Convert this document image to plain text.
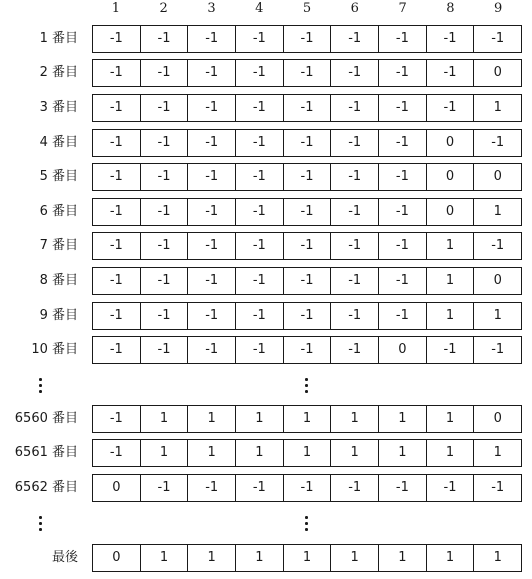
1	2	3	4	5	6	7	8	9
1 番目	-1	-1	-1	-1	-1	-1	-1	-1	-1
2 番目	-1	-1	-1	-1	-1	-1	-1	-1	0
3 番目	-1	-1	-1	-1	-1	-1	-1	-1	1
4 番目	-1	-1	-1	-1	-1	-1	-1	0	-1
5 番目	-1	-1	-1	-1	-1	-1	-1	0	0
6 番目	-1	-1	-1	-1	-1	-1	-1	0	1
7 番目	-1	-1	-1	-1	-1	-1	-1	1	-1
8 番目	-1	-1	-1	-1	-1	-1	-1	1	0
9 番目	-1	-1	-1	-1	-1	-1	-1	1	1
10 番目	-1	-1	-1	-1	-1	-1	0	-1	-1
6560 番目	-1	1	1	1	1	1	1	1	0
6561 番目	-1	1	1	1	1	1	1	1	1
6562 番目	0	-1	-1	-1	-1	-1	-1	-1	-1
最後	0	1	1	1	1	1	1	1	1
